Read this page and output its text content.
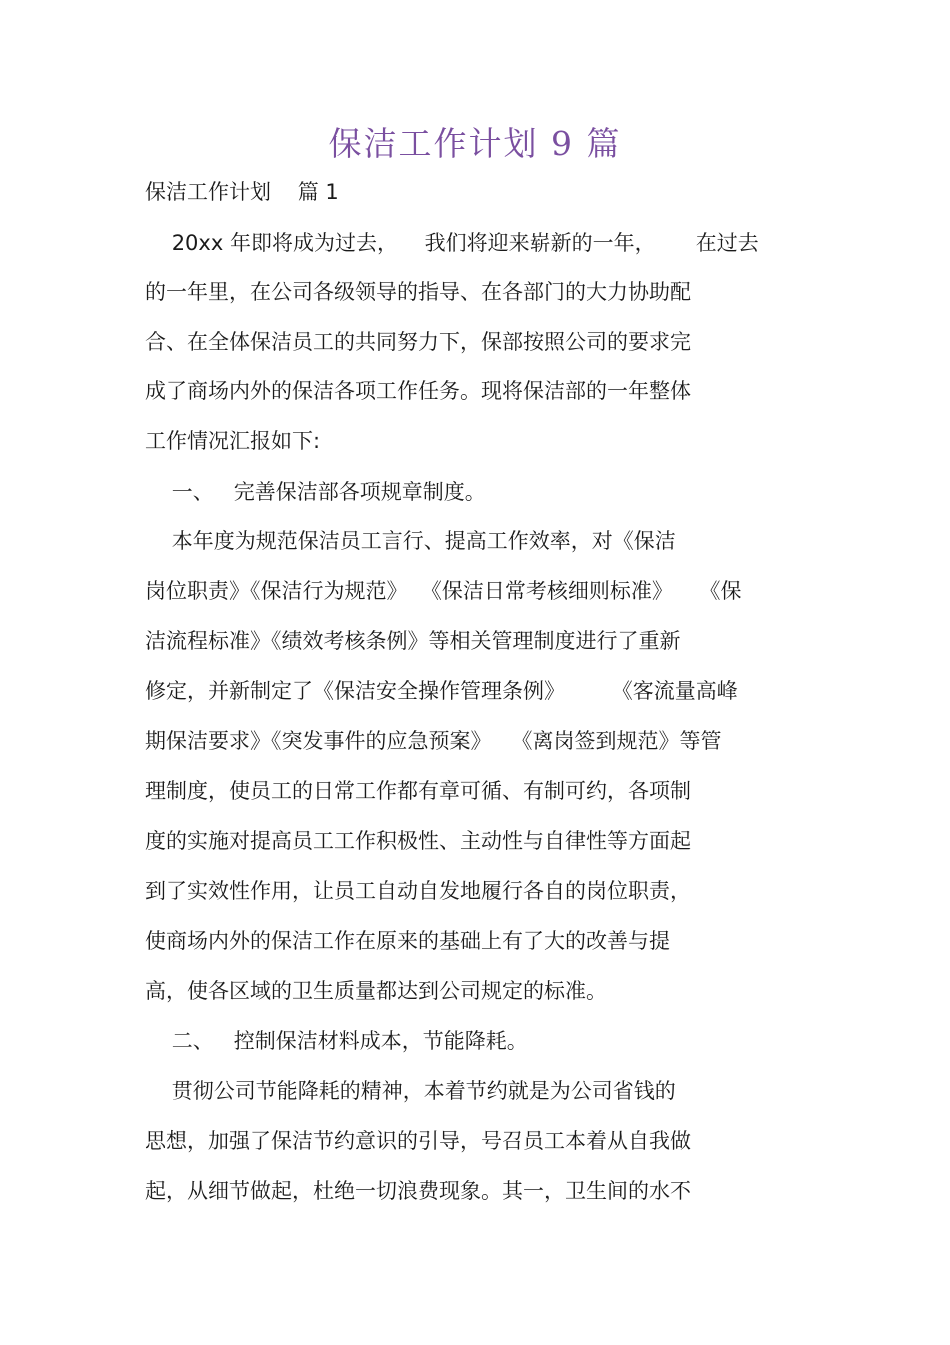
保洁工作计划 9 篇
保洁工作计划    篇 1
20xx 年即将成为过去，    我们将迎来崭新的一年，      在过去
的一年里，在公司各级领导的指导、在各部门的大力协助配
合、在全体保洁员工的共同努力下，保部按照公司的要求完
成了商场内外的保洁各项工作任务。现将保洁部的一年整体
工作情况汇报如下:
一、   完善保洁部各项规章制度。
本年度为规范保洁员工言行、提高工作效率，对《保洁
岗位职责》《保洁行为规范》  《保洁日常考核细则标准》    《保
洁流程标准》《绩效考核条例》等相关管理制度进行了重新
修定，并新制定了《保洁安全操作管理条例》       《客流量高峰
期保洁要求》《突发事件的应急预案》   《离岗签到规范》等管
理制度，使员工的日常工作都有章可循、有制可约，各项制
度的实施对提高员工工作积极性、主动性与自律性等方面起
到了实效性作用，让员工自动自发地履行各自的岗位职责，
使商场内外的保洁工作在原来的基础上有了大的改善与提
高，使各区域的卫生质量都达到公司规定的标准。
二、   控制保洁材料成本，节能降耗。
贯彻公司节能降耗的精神，本着节约就是为公司省钱的
思想，加强了保洁节约意识的引导，号召员工本着从自我做
起，从细节做起，杜绝一切浪费现象。其一，卫生间的水不
